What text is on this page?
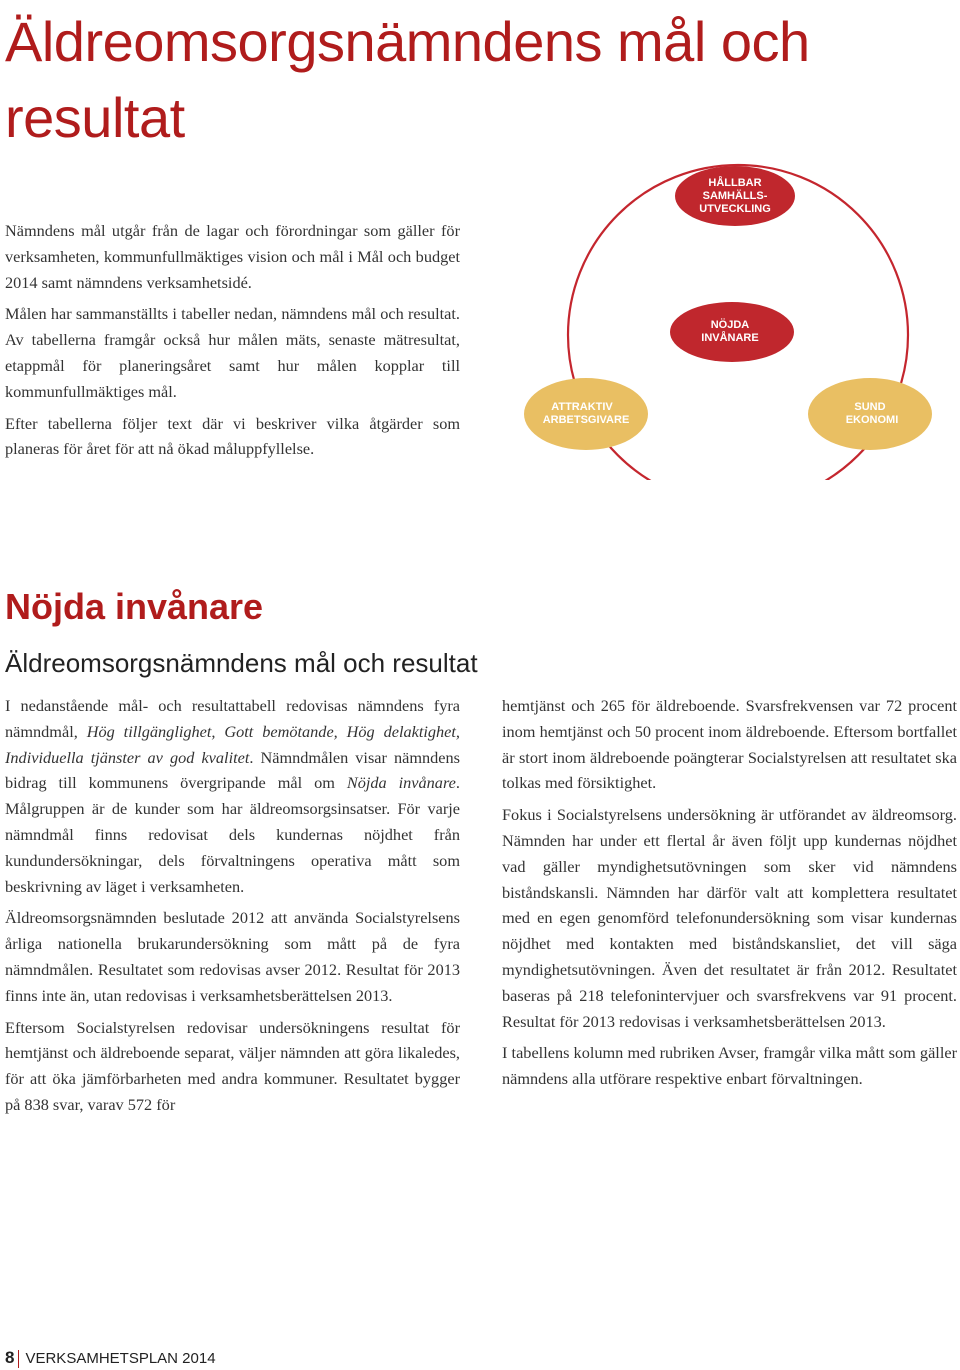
Äldreomsorgsnämndens mål och
resultat

Nämndens mål utgår från de lagar och förordningar som gäller för verksamheten, kommunfullmäktiges vision och mål i Mål och budget 2014 samt nämndens verksamhetsidé.

Målen har sammanställts i tabeller nedan, nämndens mål och resultat. Av tabellerna framgår också hur målen mäts, senaste mätresultat, etappmål för planeringsåret samt hur målen kopplar till kommunfullmäktiges mål.

Efter tabellerna följer text där vi beskriver vilka åtgärder som planeras för året för att nå ökad måluppfyllelse.

HÅLLBAR
SAMHÄLLS-
UTVECKLING
NÖJDA
INVÅNARE
ATTRAKTIV
ARBETSGIVARE
SUND
EKONOMI
Nöjda invånare
Äldreomsorgsnämndens mål och resultat

I nedanstående mål- och resultattabell redovisas nämndens fyra nämndmål, Hög tillgänglighet, Gott bemötande, Hög delaktighet, Individuella tjänster av god kvalitet. Nämndmålen visar nämndens bidrag till kommunens övergripande mål om Nöjda invånare. Målgruppen är de kunder som har äldreomsorgsinsatser. För varje nämndmål finns redovisat dels kundernas nöjdhet från kundundersökningar, dels förvaltningens operativa mått som beskrivning av läget i verksamheten.

Äldreomsorgsnämnden beslutade 2012 att använda Socialstyrelsens årliga nationella brukarundersökning som mått på de fyra nämndmålen. Resultatet som redovisas avser 2012. Resultat för 2013 finns inte än, utan redovisas i verksamhetsberättelsen 2013.

Eftersom Socialstyrelsen redovisar undersökningens resultat för hemtjänst och äldreboende separat, väljer nämnden att göra likaledes, för att öka jämförbarheten med andra kommuner. Resultatet bygger på 838 svar, varav 572 för

hemtjänst och 265 för äldreboende. Svarsfrekvensen var 72 procent inom hemtjänst och 50 procent inom äldreboende. Eftersom bortfallet är stort inom äldreboende poängterar Socialstyrelsen att resultatet ska tolkas med försiktighet.

Fokus i Socialstyrelsens undersökning är utförandet av äldreomsorg. Nämnden har under ett flertal år även följt upp kundernas nöjdhet vad gäller myndighetsutövningen som sker vid nämndens biståndskansli. Nämnden har därför valt att komplettera resultatet med en egen genomförd telefonundersökning som visar kundernas nöjdhet med kontakten med biståndskansliet, det vill säga myndighetsutövningen. Även det resultatet är från 2012. Resultatet baseras på 218 telefonintervjuer och svarsfrekvens var 91 procent. Resultat för 2013 redovisas i verksamhetsberättelsen 2013.

I tabellens kolumn med rubriken Avser, framgår vilka mått som gäller nämndens alla utförare respektive enbart förvaltningen.

8 VERKSAMHETSPLAN 2014
